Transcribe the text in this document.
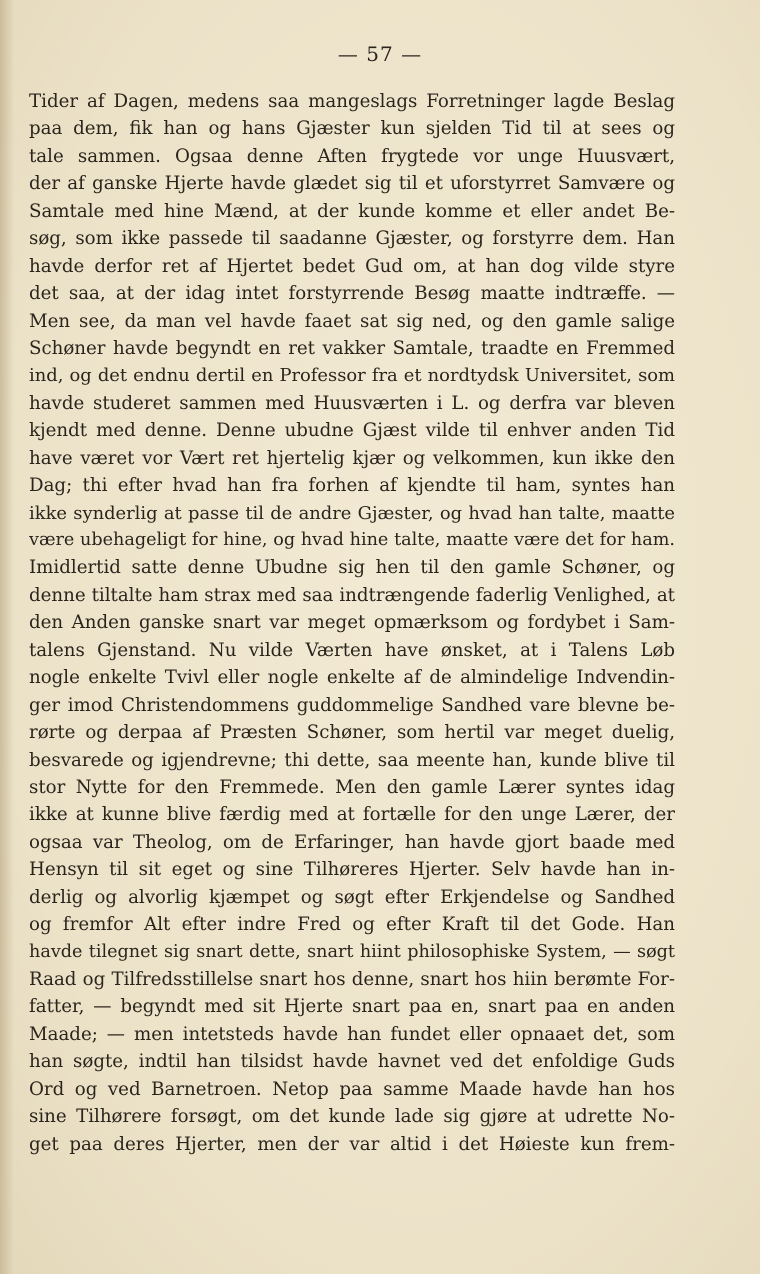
— 57 —
Tider af Dagen, medens saa mangeslags Forretninger lagde Beslag
paa dem, fik han og hans Gjæster kun sjelden Tid til at sees og
tale sammen. Ogsaa denne Aften frygtede vor unge Huusvært,
der af ganske Hjerte havde glædet sig til et uforstyrret Samvære og
Samtale med hine Mænd, at der kunde komme et eller andet Be-
søg, som ikke passede til saadanne Gjæster, og forstyrre dem. Han
havde derfor ret af Hjertet bedet Gud om, at han dog vilde styre
det saa, at der idag intet forstyrrende Besøg maatte indtræffe. —
Men see, da man vel havde faaet sat sig ned, og den gamle salige
Schøner havde begyndt en ret vakker Samtale, traadte en Fremmed
ind, og det endnu dertil en Professor fra et nordtydsk Universitet, som
havde studeret sammen med Huusværten i L. og derfra var bleven
kjendt med denne. Denne ubudne Gjæst vilde til enhver anden Tid
have været vor Vært ret hjertelig kjær og velkommen, kun ikke den
Dag; thi efter hvad han fra forhen af kjendte til ham, syntes han
ikke synderlig at passe til de andre Gjæster, og hvad han talte, maatte
være ubehageligt for hine, og hvad hine talte, maatte være det for ham.
Imidlertid satte denne Ubudne sig hen til den gamle Schøner, og
denne tiltalte ham strax med saa indtrængende faderlig Venlighed, at
den Anden ganske snart var meget opmærksom og fordybet i Sam-
talens Gjenstand. Nu vilde Værten have ønsket, at i Talens Løb
nogle enkelte Tvivl eller nogle enkelte af de almindelige Indvendin-
ger imod Christendommens guddommelige Sandhed vare blevne be-
rørte og derpaa af Præsten Schøner, som hertil var meget duelig,
besvarede og igjendrevne; thi dette, saa meente han, kunde blive til
stor Nytte for den Fremmede. Men den gamle Lærer syntes idag
ikke at kunne blive færdig med at fortælle for den unge Lærer, der
ogsaa var Theolog, om de Erfaringer, han havde gjort baade med
Hensyn til sit eget og sine Tilhøreres Hjerter. Selv havde han in-
derlig og alvorlig kjæmpet og søgt efter Erkjendelse og Sandhed
og fremfor Alt efter indre Fred og efter Kraft til det Gode. Han
havde tilegnet sig snart dette, snart hiint philosophiske System, — søgt
Raad og Tilfredsstillelse snart hos denne, snart hos hiin berømte For-
fatter, — begyndt med sit Hjerte snart paa en, snart paa en anden
Maade; — men intetsteds havde han fundet eller opnaaet det, som
han søgte, indtil han tilsidst havde havnet ved det enfoldige Guds
Ord og ved Barnetroen. Netop paa samme Maade havde han hos
sine Tilhørere forsøgt, om det kunde lade sig gjøre at udrette No-
get paa deres Hjerter, men der var altid i det Høieste kun frem-
